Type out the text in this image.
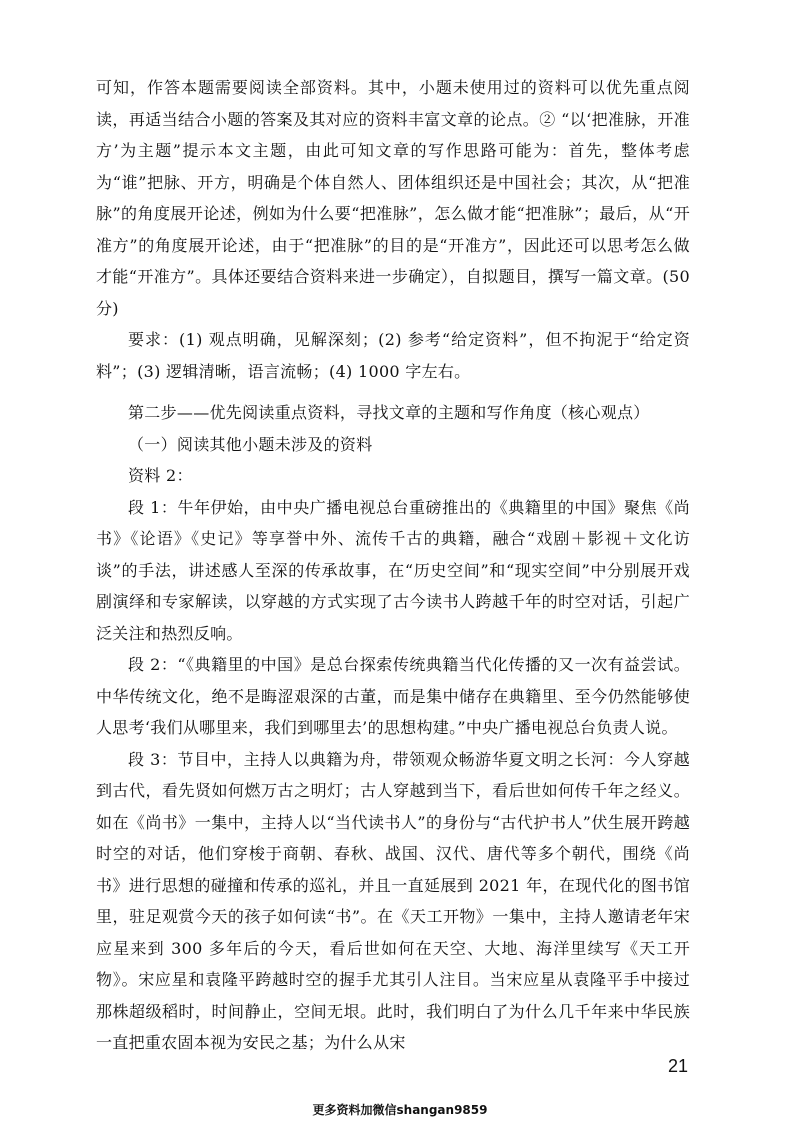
可知，作答本题需要阅读全部资料。其中，小题未使用过的资料可以优先重点阅读，再适当结合小题的答案及其对应的资料丰富文章的论点。② “以‘把准脉，开准方’为主题”提示本文主题，由此可知文章的写作思路可能为：首先，整体考虑为“谁”把脉、开方，明确是个体自然人、团体组织还是中国社会；其次，从“把准脉”的角度展开论述，例如为什么要“把准脉”，怎么做才能“把准脉”；最后，从“开准方”的角度展开论述，由于“把准脉”的目的是“开准方”，因此还可以思考怎么做才能“开准方”。具体还要结合资料来进一步确定），自拟题目，撰写一篇文章。(50 分)

要求：(1) 观点明确，见解深刻；(2) 参考“给定资料”，但不拘泥于“给定资料”；(3) 逻辑清晰，语言流畅；(4) 1000 字左右。

第二步——优先阅读重点资料，寻找文章的主题和写作角度（核心观点）

（一）阅读其他小题未涉及的资料

资料 2：

段 1：牛年伊始，由中央广播电视总台重磅推出的《典籍里的中国》聚焦《尚书》《论语》《史记》等享誉中外、流传千古的典籍，融合“戏剧＋影视＋文化访谈”的手法，讲述感人至深的传承故事，在“历史空间”和“现实空间”中分别展开戏剧演绎和专家解读，以穿越的方式实现了古今读书人跨越千年的时空对话，引起广泛关注和热烈反响。

段 2：“《典籍里的中国》是总台探索传统典籍当代化传播的又一次有益尝试。中华传统文化，绝不是晦涩艰深的古董，而是集中储存在典籍里、至今仍然能够使人思考‘我们从哪里来，我们到哪里去’的思想构建。”中央广播电视总台负责人说。

段 3：节目中，主持人以典籍为舟，带领观众畅游华夏文明之长河：今人穿越到古代，看先贤如何燃万古之明灯；古人穿越到当下，看后世如何传千年之经义。如在《尚书》一集中，主持人以“当代读书人”的身份与“古代护书人”伏生展开跨越时空的对话，他们穿梭于商朝、春秋、战国、汉代、唐代等多个朝代，围绕《尚书》进行思想的碰撞和传承的巡礼，并且一直延展到 2021 年，在现代化的图书馆里，驻足观赏今天的孩子如何读“书”。在《天工开物》一集中，主持人邀请老年宋应星来到 300 多年后的今天，看后世如何在天空、大地、海洋里续写《天工开物》。宋应星和袁隆平跨越时空的握手尤其引人注目。当宋应星从袁隆平手中接过那株超级稻时，时间静止，空间无垠。此时，我们明白了为什么几千年来中华民族一直把重农固本视为安民之基；为什么从宋

21
更多资料加微信shangan9859
